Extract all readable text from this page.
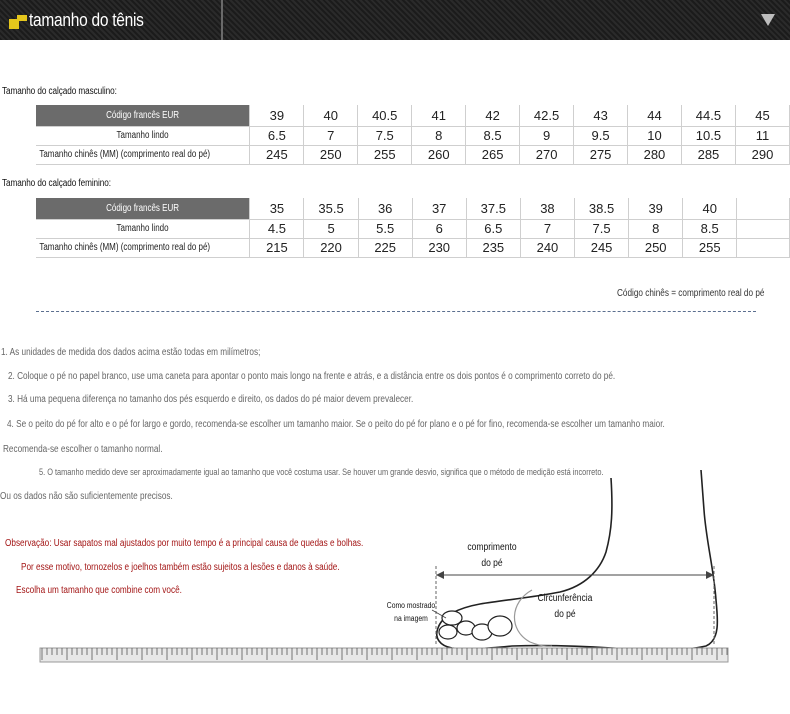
tamanho do tênis
Tamanho do calçado masculino:
Código francês EUR	39	40	40.5	41	42	42.5	43	44	44.5	45
Tamanho lindo	6.5	7	7.5	8	8.5	9	9.5	10	10.5	11
Tamanho chinês (MM) (comprimento real do pé)	245	250	255	260	265	270	275	280	285	290
Tamanho do calçado feminino:
Código francês EUR	35	35.5	36	37	37.5	38	38.5	39	40	
Tamanho lindo	4.5	5	5.5	6	6.5	7	7.5	8	8.5	
Tamanho chinês (MM) (comprimento real do pé)	215	220	225	230	235	240	245	250	255	
Código chinês = comprimento real do pé
1. As unidades de medida dos dados acima estão todas em milímetros;
2. Coloque o pé no papel branco, use uma caneta para apontar o ponto mais longo na frente e atrás, e a distância entre os dois pontos é o comprimento correto do pé.
3. Há uma pequena diferença no tamanho dos pés esquerdo e direito, os dados do pé maior devem prevalecer.
4. Se o peito do pé for alto e o pé for largo e gordo, recomenda-se escolher um tamanho maior. Se o peito do pé for plano e o pé for fino, recomenda-se escolher um tamanho maior.
Recomenda-se escolher o tamanho normal.
5. O tamanho medido deve ser aproximadamente igual ao tamanho que você costuma usar. Se houver um grande desvio, significa que o método de medição está incorreto.
Ou os dados não são suficientemente precisos.
Observação: Usar sapatos mal ajustados por muito tempo é a principal causa de quedas e bolhas.
Por esse motivo, tornozelos e joelhos também estão sujeitos a lesões e danos à saúde.
Escolha um tamanho que combine com você.
comprimento
do pé
Circunferência
do pé
Como mostrado
na imagem
